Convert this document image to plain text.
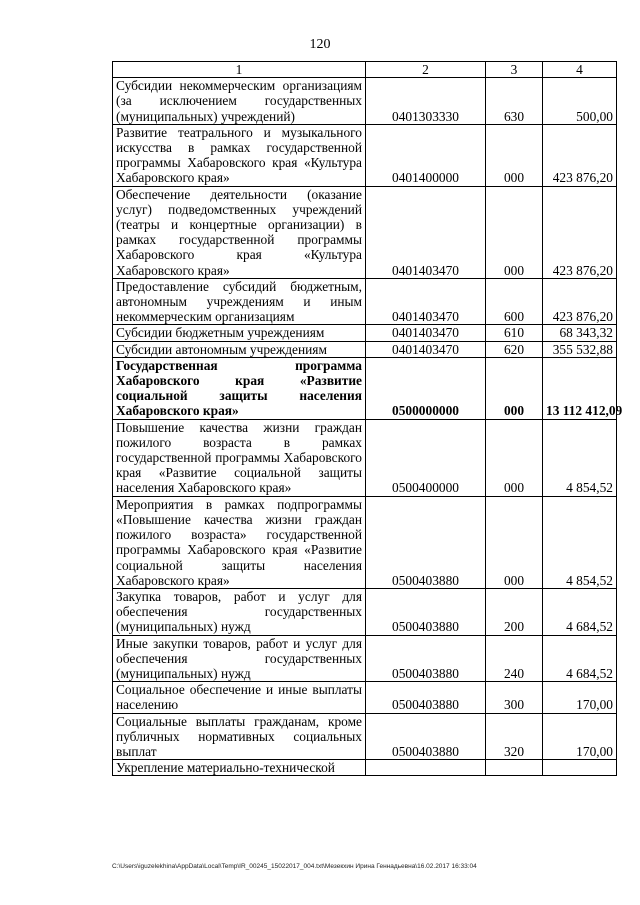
120
1	2	3	4
Субсидии некоммерческим организациям (за исключением государственных (муниципальных) учреждений)	0401303330	630	500,00
Развитие театрального и музыкального искусства в рамках государственной программы Хабаровского края «Культура Хабаровского края»	0401400000	000	423 876,20
Обеспечение деятельности (оказание услуг) подведомственных учреждений (театры и концертные организации) в рамках государственной программы Хабаровского края «Культура Хабаровского края»	0401403470	000	423 876,20
Предоставление субсидий бюджетным, автономным учреждениям и иным некоммерческим организациям	0401403470	600	423 876,20
Субсидии бюджетным учреждениям	0401403470	610	68 343,32
Субсидии автономным учреждениям	0401403470	620	355 532,88
Государственная программа Хабаровского края «Развитие социальной защиты населения Хабаровского края»	0500000000	000	13 112 412,09
Повышение качества жизни граждан пожилого возраста в рамках государственной программы Хабаровского края «Развитие социальной защиты населения Хабаровского края»	0500400000	000	4 854,52
Мероприятия в рамках подпрограммы «Повышение качества жизни граждан пожилого возраста» государственной программы Хабаровского края «Развитие социальной защиты населения Хабаровского края»	0500403880	000	4 854,52
Закупка товаров, работ и услуг для обеспечения государственных (муниципальных) нужд	0500403880	200	4 684,52
Иные закупки товаров, работ и услуг для обеспечения государственных (муниципальных) нужд	0500403880	240	4 684,52
Социальное обеспечение и иные выплаты населению	0500403880	300	170,00
Социальные выплаты гражданам, кроме публичных нормативных социальных выплат	0500403880	320	170,00
Укрепление материально-технической			
C:\Users\iguzelekhina\AppData\Local\Temp\IR_00245_15022017_004.txt\Мезекхин Ирина Геннадьевна\16.02.2017 16:33:04
